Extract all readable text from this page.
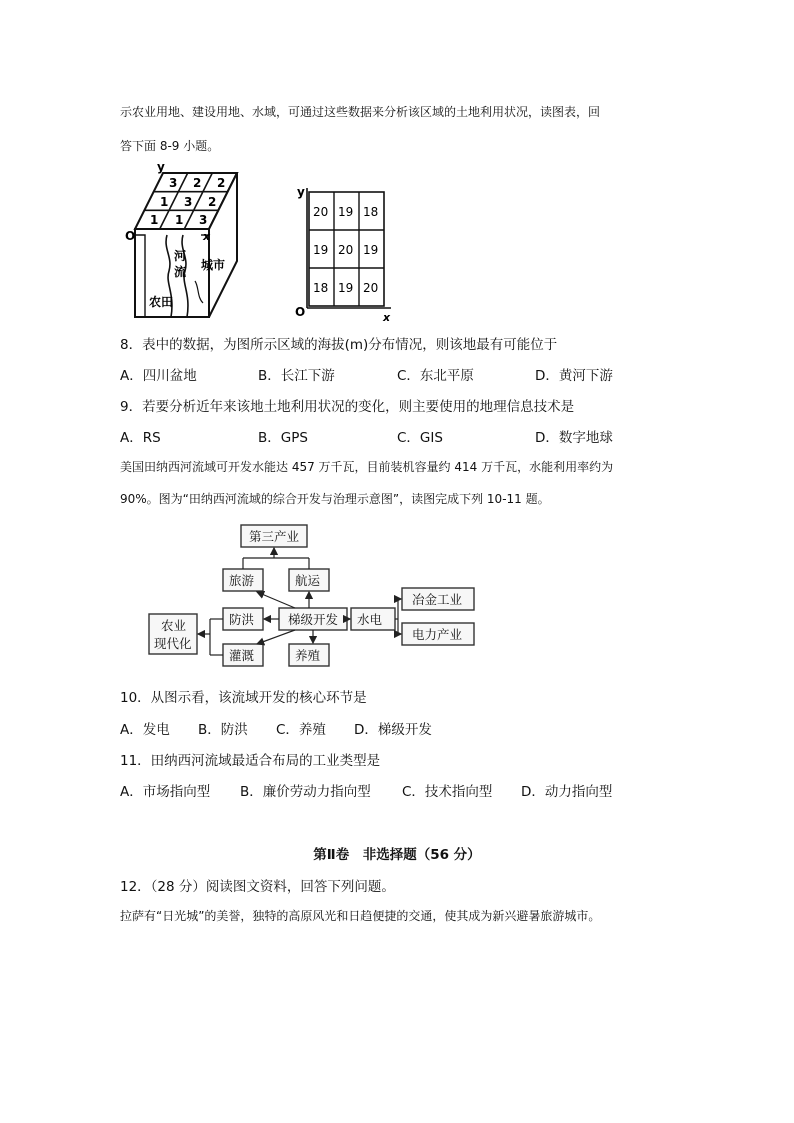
示农业用地、建设用地、水域，可通过这些数据来分析该区域的土地利用状况，读图表，回
答下面 8-9 小题。
y
x
O
3 2 2
1 3 2
1 1 3
河
流 城市
农田
y
x
O
20 19 18
19 20 19
18 19 20
8．表中的数据，为图所示区域的海拔(m)分布情况，则该地最有可能位于
A．四川盆地	B．长江下游	C．东北平原	D．黄河下游
9．若要分析近年来该地土地利用状况的变化，则主要使用的地理信息技术是
A．RS	B．GPS	C．GIS	D．数字地球
美国田纳西河流域可开发水能达 457 万千瓦，目前装机容量约 414 万千瓦，水能利用率约为
90%。图为“田纳西河流域的综合开发与治理示意图”，读图完成下列 10-11 题。
第三产业
旅游	航运
防洪	梯级开发 水电
冶金工业
电力产业
农业
现代化
灌溉	养殖
10．从图示看，该流域开发的核心环节是
A．发电 B．防洪 C．养殖 D．梯级开发
11．田纳西河流域最适合布局的工业类型是
A．市场指向型 B．廉价劳动力指向型 C．技术指向型 D．动力指向型
第Ⅱ卷　非选择题（56 分）
12．（28 分）阅读图文资料，回答下列问题。
拉萨有“日光城”的美誉，独特的高原风光和日趋便捷的交通，使其成为新兴避暑旅游城市。
